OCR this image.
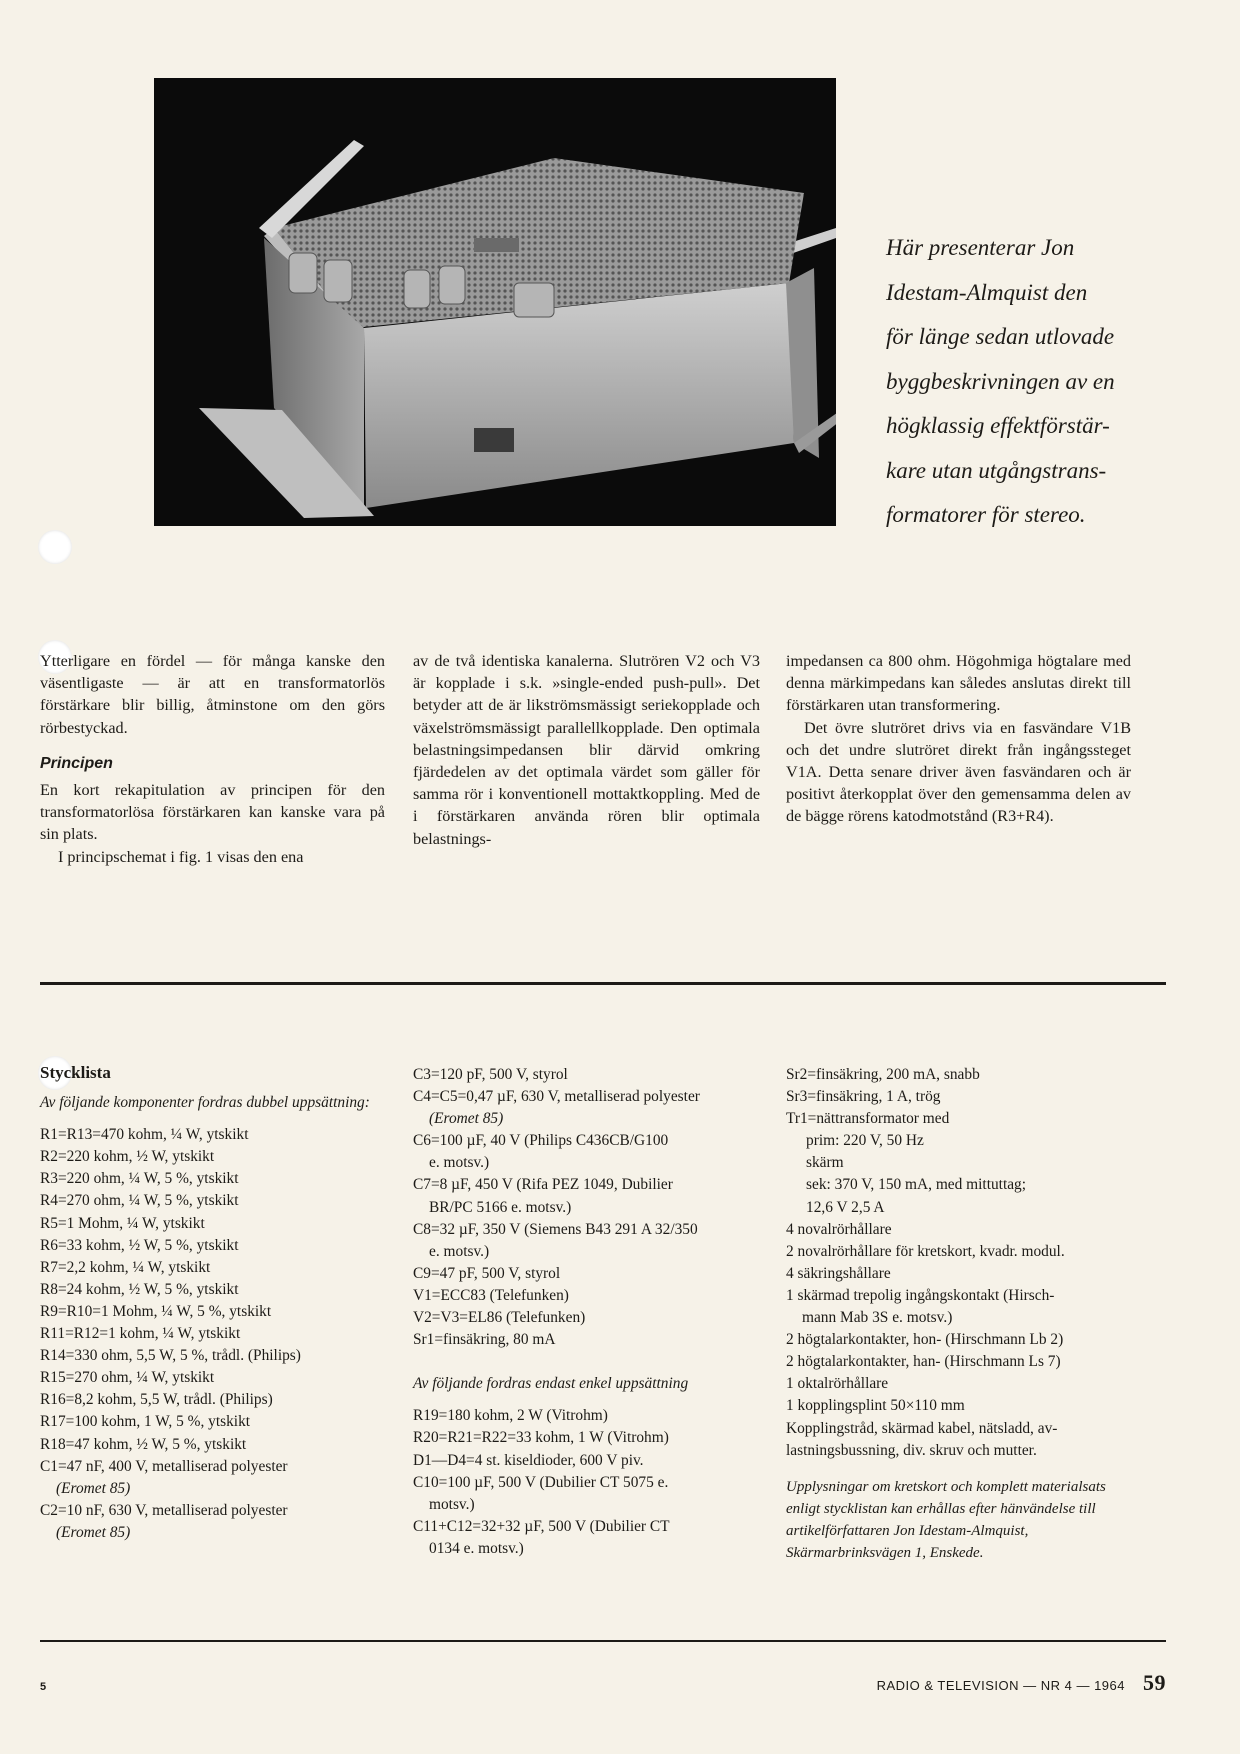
Här presenterar Jon

Idestam-Almquist den

för länge sedan utlovade

byggbeskrivningen av en

högklassig effektförstär-

kare utan utgångstrans-

formatorer för stereo.

Ytterligare en fördel — för många kanske den väsentligaste — är att en transformatorlös förstärkare blir billig, åtminstone om den görs rörbestyckad.

Principen

En kort rekapitulation av principen för den transformatorlösa förstärkaren kan kanske vara på sin plats.

I principschemat i fig. 1 visas den ena

av de två identiska kanalerna. Slutrören V2 och V3 är kopplade i s.k. »single-ended push-pull». Det betyder att de är likströmsmässigt seriekopplade och växelströmsmässigt parallellkopplade. Den optimala belastningsimpedansen blir därvid omkring fjärdedelen av det optimala värdet som gäller för samma rör i konventionell mottaktkoppling. Med de i förstärkaren använda rören blir optimala belastnings-

impedansen ca 800 ohm. Högohmiga högtalare med denna märkimpedans kan således anslutas direkt till förstärkaren utan transformering.

Det övre slutröret drivs via en fasvändare V1B och det undre slutröret direkt från ingångssteget V1A. Detta senare driver även fasvändaren och är positivt återkopplat över den gemensamma delen av de bägge rörens katodmotstånd (R3+R4).

Stycklista
Av följande komponenter fordras dubbel uppsättning:
R1=R13=470 kohm, ¼ W, ytskikt
R2=220 kohm, ½ W, ytskikt
R3=220 ohm, ¼ W, 5 %, ytskikt
R4=270 ohm, ¼ W, 5 %, ytskikt
R5=1 Mohm, ¼ W, ytskikt
R6=33 kohm, ½ W, 5 %, ytskikt
R7=2,2 kohm, ¼ W, ytskikt
R8=24 kohm, ½ W, 5 %, ytskikt
R9=R10=1 Mohm, ¼ W, 5 %, ytskikt
R11=R12=1 kohm, ¼ W, ytskikt
R14=330 ohm, 5,5 W, 5 %, trådl. (Philips)
R15=270 ohm, ¼ W, ytskikt
R16=8,2 kohm, 5,5 W, trådl. (Philips)
R17=100 kohm, 1 W, 5 %, ytskikt
R18=47 kohm, ½ W, 5 %, ytskikt
C1=47 nF, 400 V, metalliserad polyester
(Eromet 85)
C2=10 nF, 630 V, metalliserad polyester
(Eromet 85)
C3=120 pF, 500 V, styrol
C4=C5=0,47 µF, 630 V, metalliserad polyester
(Eromet 85)
C6=100 µF, 40 V (Philips C436CB/G100
e. motsv.)
C7=8 µF, 450 V (Rifa PEZ 1049, Dubilier
BR/PC 5166 e. motsv.)
C8=32 µF, 350 V (Siemens B43 291 A 32/350
e. motsv.)
C9=47 pF, 500 V, styrol
V1=ECC83 (Telefunken)
V2=V3=EL86 (Telefunken)
Sr1=finsäkring, 80 mA
Av följande fordras endast enkel uppsättning
R19=180 kohm, 2 W (Vitrohm)
R20=R21=R22=33 kohm, 1 W (Vitrohm)
D1—D4=4 st. kiseldioder, 600 V piv.
C10=100 µF, 500 V (Dubilier CT 5075 e.
motsv.)
C11+C12=32+32 µF, 500 V (Dubilier CT
0134 e. motsv.)
Sr2=finsäkring, 200 mA, snabb
Sr3=finsäkring, 1 A, trög
Tr1=nättransformator med
prim: 220 V, 50 Hz
skärm
sek: 370 V, 150 mA, med mittuttag;
12,6 V 2,5 A
4 novalrörhållare
2 novalrörhållare för kretskort, kvadr. modul.
4 säkringshållare
1 skärmad trepolig ingångskontakt (Hirsch-
mann Mab 3S e. motsv.)
2 högtalarkontakter, hon- (Hirschmann Lb 2)
2 högtalarkontakter, han- (Hirschmann Ls 7)
1 oktalrörhållare
1 kopplingsplint 50×110 mm
Kopplingstråd, skärmad kabel, nätsladd, av-
lastningsbussning, div. skruv och mutter.
Upplysningar om kretskort och komplett materialsats enligt stycklistan kan erhållas efter hänvändelse till artikelförfattaren Jon Idestam-Almquist, Skärmarbrinksvägen 1, Enskede.
5	RADIO & TELEVISION — NR 4 — 1964 59
